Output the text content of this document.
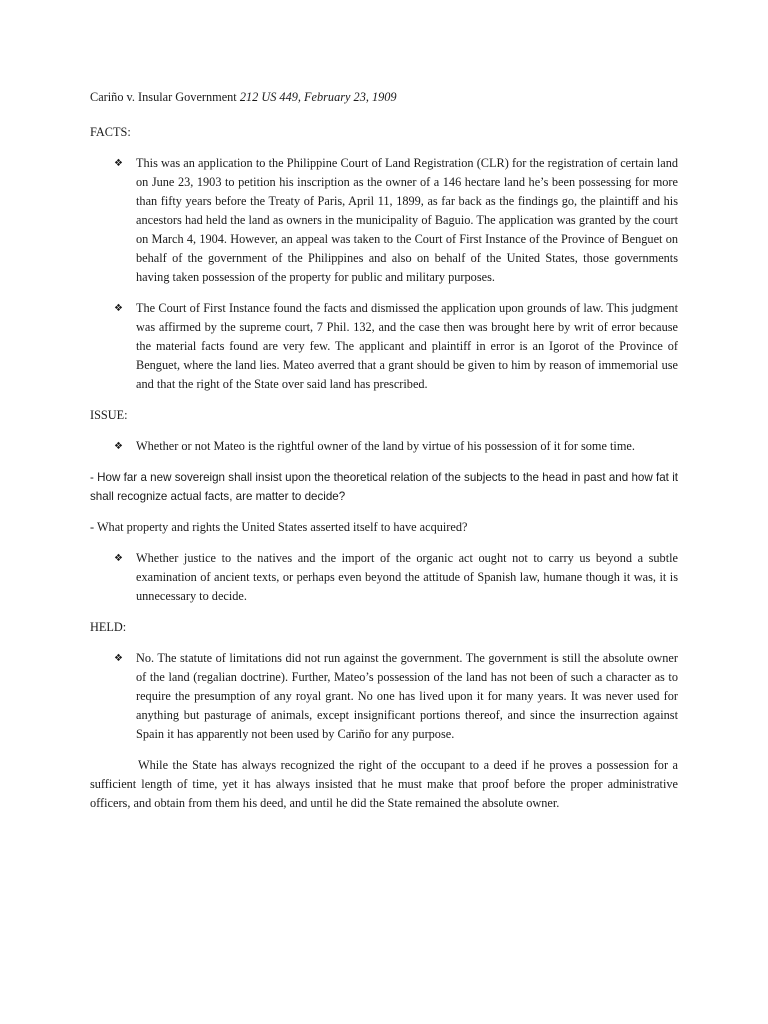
Cariño v. Insular Government 212 US 449, February 23, 1909

FACTS:

❖ This was an application to the Philippine Court of Land Registration (CLR) for the registration of certain land on June 23, 1903 to petition his inscription as the owner of a 146 hectare land he’s been possessing for more than fifty years before the Treaty of Paris, April 11, 1899, as far back as the findings go, the plaintiff and his ancestors had held the land as owners in the municipality of Baguio. The application was granted by the court on March 4, 1904. However, an appeal was taken to the Court of First Instance of the Province of Benguet on behalf of the government of the Philippines and also on behalf of the United States, those governments having taken possession of the property for public and military purposes.
❖ The Court of First Instance found the facts and dismissed the application upon grounds of law. This judgment was affirmed by the supreme court, 7 Phil. 132, and the case then was brought here by writ of error because the material facts found are very few. The applicant and plaintiff in error is an Igorot of the Province of Benguet, where the land lies. Mateo averred that a grant should be given to him by reason of immemorial use and that the right of the State over said land has prescribed.

ISSUE:

❖ Whether or not Mateo is the rightful owner of the land by virtue of his possession of it for some time.

- How far a new sovereign shall insist upon the theoretical relation of the subjects to the head in past and how fat it shall recognize actual facts, are matter to decide?

- What property and rights the United States asserted itself to have acquired?

❖ Whether justice to the natives and the import of the organic act ought not to carry us beyond a subtle examination of ancient texts, or perhaps even beyond the attitude of Spanish law, humane though it was, it is unnecessary to decide.

HELD:

❖ No. The statute of limitations did not run against the government. The government is still the absolute owner of the land (regalian doctrine). Further, Mateo’s possession of the land has not been of such a character as to require the presumption of any royal grant. No one has lived upon it for many years. It was never used for anything but pasturage of animals, except insignificant portions thereof, and since the insurrection against Spain it has apparently not been used by Cariño for any purpose.

While the State has always recognized the right of the occupant to a deed if he proves a possession for a sufficient length of time, yet it has always insisted that he must make that proof before the proper administrative officers, and obtain from them his deed, and until he did the State remained the absolute owner.
